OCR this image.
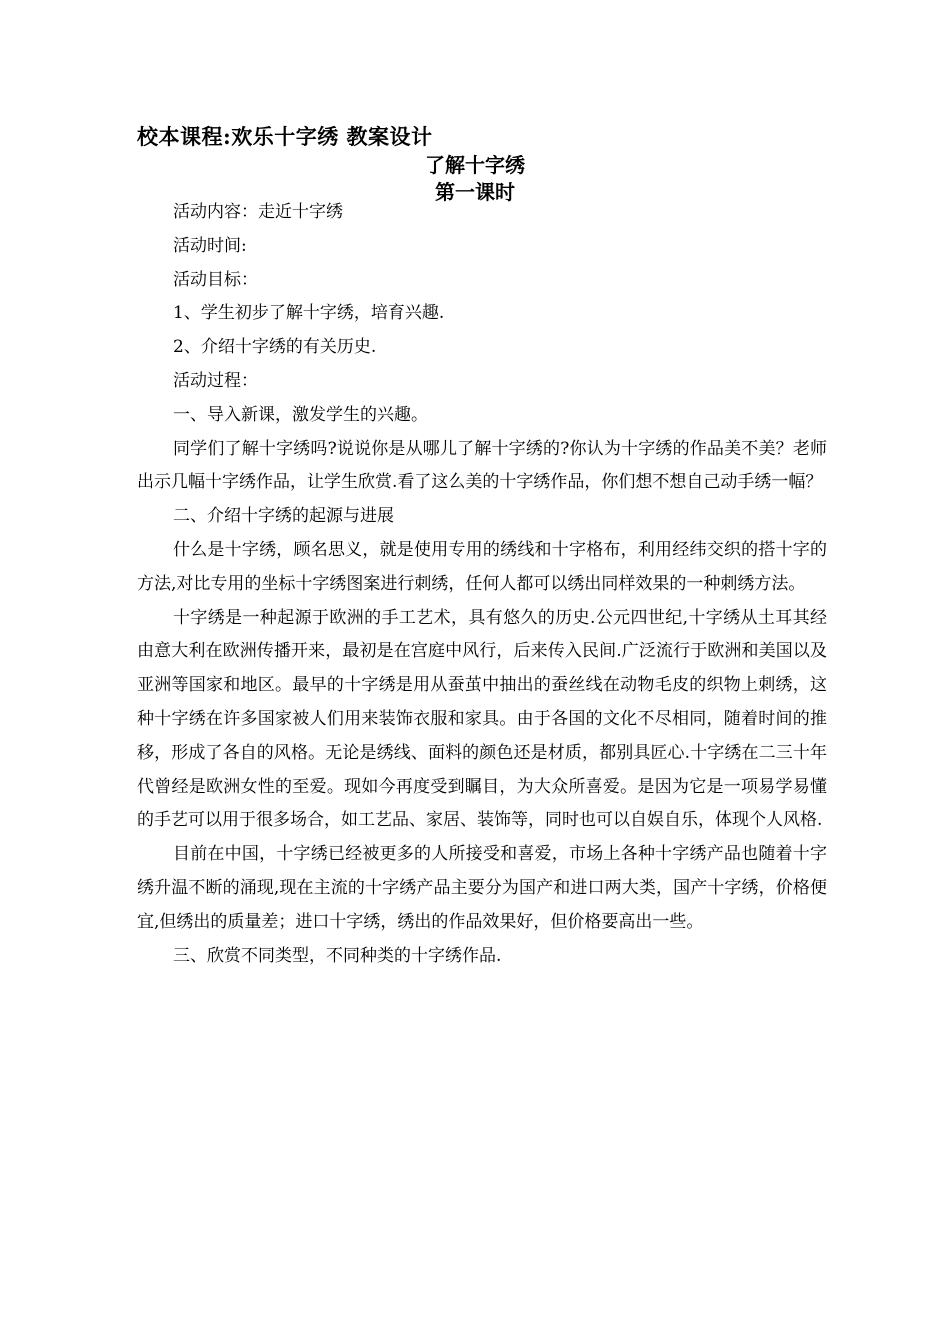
校本课程:欢乐十字绣 教案设计
了解十字绣
第一课时

活动内容：走近十字绣

活动时间:

活动目标：

1、学生初步了解十字绣，培育兴趣.

2、介绍十字绣的有关历史.

活动过程：

一、导入新课，激发学生的兴趣。

同学们了解十字绣吗?说说你是从哪儿了解十字绣的?你认为十字绣的作品美不美？老师出示几幅十字绣作品，让学生欣赏.看了这么美的十字绣作品，你们想不想自己动手绣一幅？

二、介绍十字绣的起源与进展

什么是十字绣，顾名思义，就是使用专用的绣线和十字格布，利用经纬交织的搭十字的方法,对比专用的坐标十字绣图案进行刺绣，任何人都可以绣出同样效果的一种刺绣方法。

十字绣是一种起源于欧洲的手工艺术，具有悠久的历史.公元四世纪,十字绣从土耳其经由意大利在欧洲传播开来，最初是在宫庭中风行，后来传入民间.广泛流行于欧洲和美国以及亚洲等国家和地区。最早的十字绣是用从蚕茧中抽出的蚕丝线在动物毛皮的织物上刺绣，这种十字绣在许多国家被人们用来装饰衣服和家具。由于各国的文化不尽相同，随着时间的推移，形成了各自的风格。无论是绣线、面料的颜色还是材质，都别具匠心.十字绣在二三十年代曾经是欧洲女性的至爱。现如今再度受到瞩目，为大众所喜爱。是因为它是一项易学易懂的手艺可以用于很多场合，如工艺品、家居、装饰等，同时也可以自娱自乐，体现个人风格.

目前在中国，十字绣已经被更多的人所接受和喜爱，市场上各种十字绣产品也随着十字绣升温不断的涌现,现在主流的十字绣产品主要分为国产和进口两大类，国产十字绣，价格便宜,但绣出的质量差；进口十字绣，绣出的作品效果好，但价格要高出一些。

三、欣赏不同类型，不同种类的十字绣作品.
